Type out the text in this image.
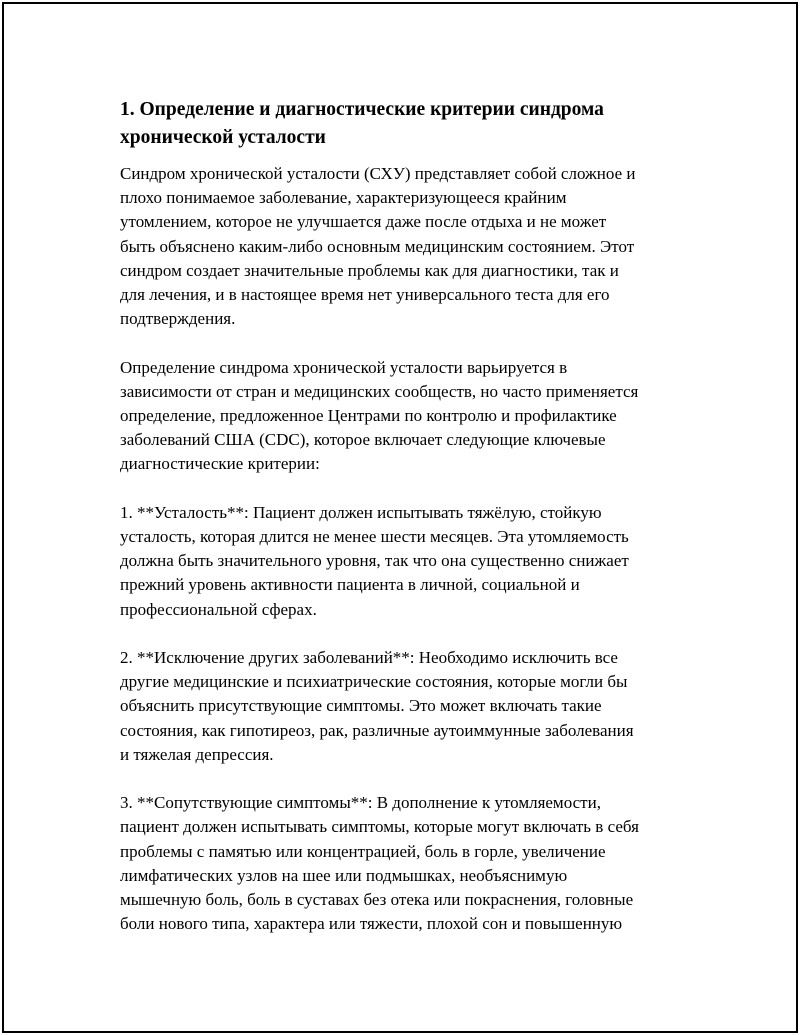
1. Определение и диагностические критерии синдрома
хронической усталости

Синдром хронической усталости (СХУ) представляет собой сложное и
плохо понимаемое заболевание, характеризующееся крайним
утомлением, которое не улучшается даже после отдыха и не может
быть объяснено каким-либо основным медицинским состоянием. Этот
синдром создает значительные проблемы как для диагностики, так и
для лечения, и в настоящее время нет универсального теста для его
подтверждения.

Определение синдрома хронической усталости варьируется в
зависимости от стран и медицинских сообществ, но часто применяется
определение, предложенное Центрами по контролю и профилактике
заболеваний США (CDC), которое включает следующие ключевые
диагностические критерии:

1. **Усталость**: Пациент должен испытывать тяжёлую, стойкую
усталость, которая длится не менее шести месяцев. Эта утомляемость
должна быть значительного уровня, так что она существенно снижает
прежний уровень активности пациента в личной, социальной и
профессиональной сферах.

2. **Исключение других заболеваний**: Необходимо исключить все
другие медицинские и психиатрические состояния, которые могли бы
объяснить присутствующие симптомы. Это может включать такие
состояния, как гипотиреоз, рак, различные аутоиммунные заболевания
и тяжелая депрессия.

3. **Сопутствующие симптомы**: В дополнение к утомляемости,
пациент должен испытывать симптомы, которые могут включать в себя
проблемы с памятью или концентрацией, боль в горле, увеличение
лимфатических узлов на шее или подмышках, необъяснимую
мышечную боль, боль в суставах без отека или покраснения, головные
боли нового типа, характера или тяжести, плохой сон и повышенную
